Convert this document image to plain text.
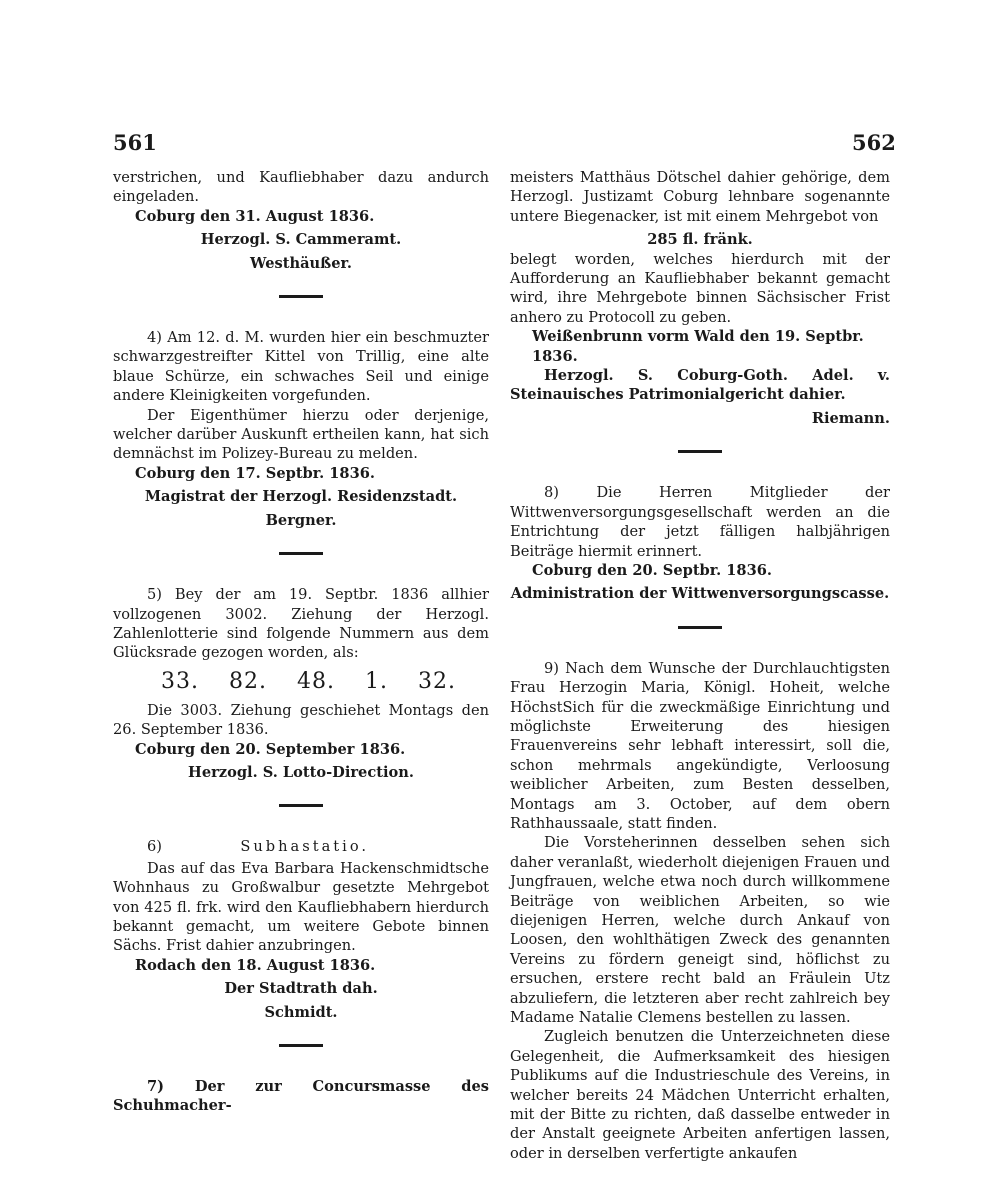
561	562

verstrichen, und Kaufliebhaber dazu andurch eingeladen.

Coburg den 31. August 1836.

Herzogl. S. Cammeramt.

Westhäußer.

4) Am 12. d. M. wurden hier ein beschmuzter schwarzgestreifter Kittel von Trillig, eine alte blaue Schürze, ein schwaches Seil und einige andere Kleinigkeiten vorgefunden.

Der Eigenthümer hierzu oder derjenige, welcher darüber Auskunft ertheilen kann, hat sich demnächst im Polizey-Bureau zu melden.

Coburg den 17. Septbr. 1836.

Magistrat der Herzogl. Residenzstadt.

Bergner.

5) Bey der am 19. Septbr. 1836 allhier vollzogenen 3002. Ziehung der Herzogl. Zahlenlotterie sind folgende Nummern aus dem Glücksrade gezogen worden, als:

33. 82. 48. 1. 32.

Die 3003. Ziehung geschiehet Montags den 26. September 1836.

Coburg den 20. September 1836.

Herzogl. S. Lotto-Direction.

6)	Subhastatio.

Das auf das Eva Barbara Hackenschmidtsche Wohnhaus zu Großwalbur gesetzte Mehrgebot von 425 fl. frk. wird den Kaufliebhabern hierdurch bekannt gemacht, um weitere Gebote binnen Sächs. Frist dahier anzubringen.

Rodach den 18. August 1836.

Der Stadtrath dah.

Schmidt.

7) Der zur Concursmasse des Schuhmacher-

meisters Matthäus Dötschel dahier gehörige, dem Herzogl. Justizamt Coburg lehnbare sogenannte untere Biegenacker, ist mit einem Mehrgebot von

285 fl. fränk.

belegt worden, welches hierdurch mit der Aufforderung an Kaufliebhaber bekannt gemacht wird, ihre Mehrgebote binnen Sächsischer Frist anhero zu Protocoll zu geben.

Weißenbrunn vorm Wald den 19. Septbr. 1836.

Herzogl. S. Coburg-Goth. Adel. v. Steinauisches Patrimonialgericht dahier.

Riemann.

8) Die Herren Mitglieder der Wittwenversorgungsgesellschaft werden an die Entrichtung der jetzt fälligen halbjährigen Beiträge hiermit erinnert.

Coburg den 20. Septbr. 1836.

Administration der Wittwenversorgungscasse.

9) Nach dem Wunsche der Durchlauchtigsten Frau Herzogin Maria, Königl. Hoheit, welche HöchstSich für die zweckmäßige Einrichtung und möglichste Erweiterung des hiesigen Frauenvereins sehr lebhaft interessirt, soll die, schon mehrmals angekündigte, Verloosung weiblicher Arbeiten, zum Besten desselben, Montags am 3. October, auf dem obern Rathhaussaale, statt finden.

Die Vorsteherinnen desselben sehen sich daher veranlaßt, wiederholt diejenigen Frauen und Jungfrauen, welche etwa noch durch willkommene Beiträge von weiblichen Arbeiten, so wie diejenigen Herren, welche durch Ankauf von Loosen, den wohlthätigen Zweck des genannten Vereins zu fördern geneigt sind, höflichst zu ersuchen, erstere recht bald an Fräulein Utz abzuliefern, die letzteren aber recht zahlreich bey Madame Natalie Clemens bestellen zu lassen.

Zugleich benutzen die Unterzeichneten diese Gelegenheit, die Aufmerksamkeit des hiesigen Publikums auf die Industrieschule des Vereins, in welcher bereits 24 Mädchen Unterricht erhalten, mit der Bitte zu richten, daß dasselbe entweder in der Anstalt geeignete Arbeiten anfertigen lassen, oder in derselben verfertigte ankaufen
